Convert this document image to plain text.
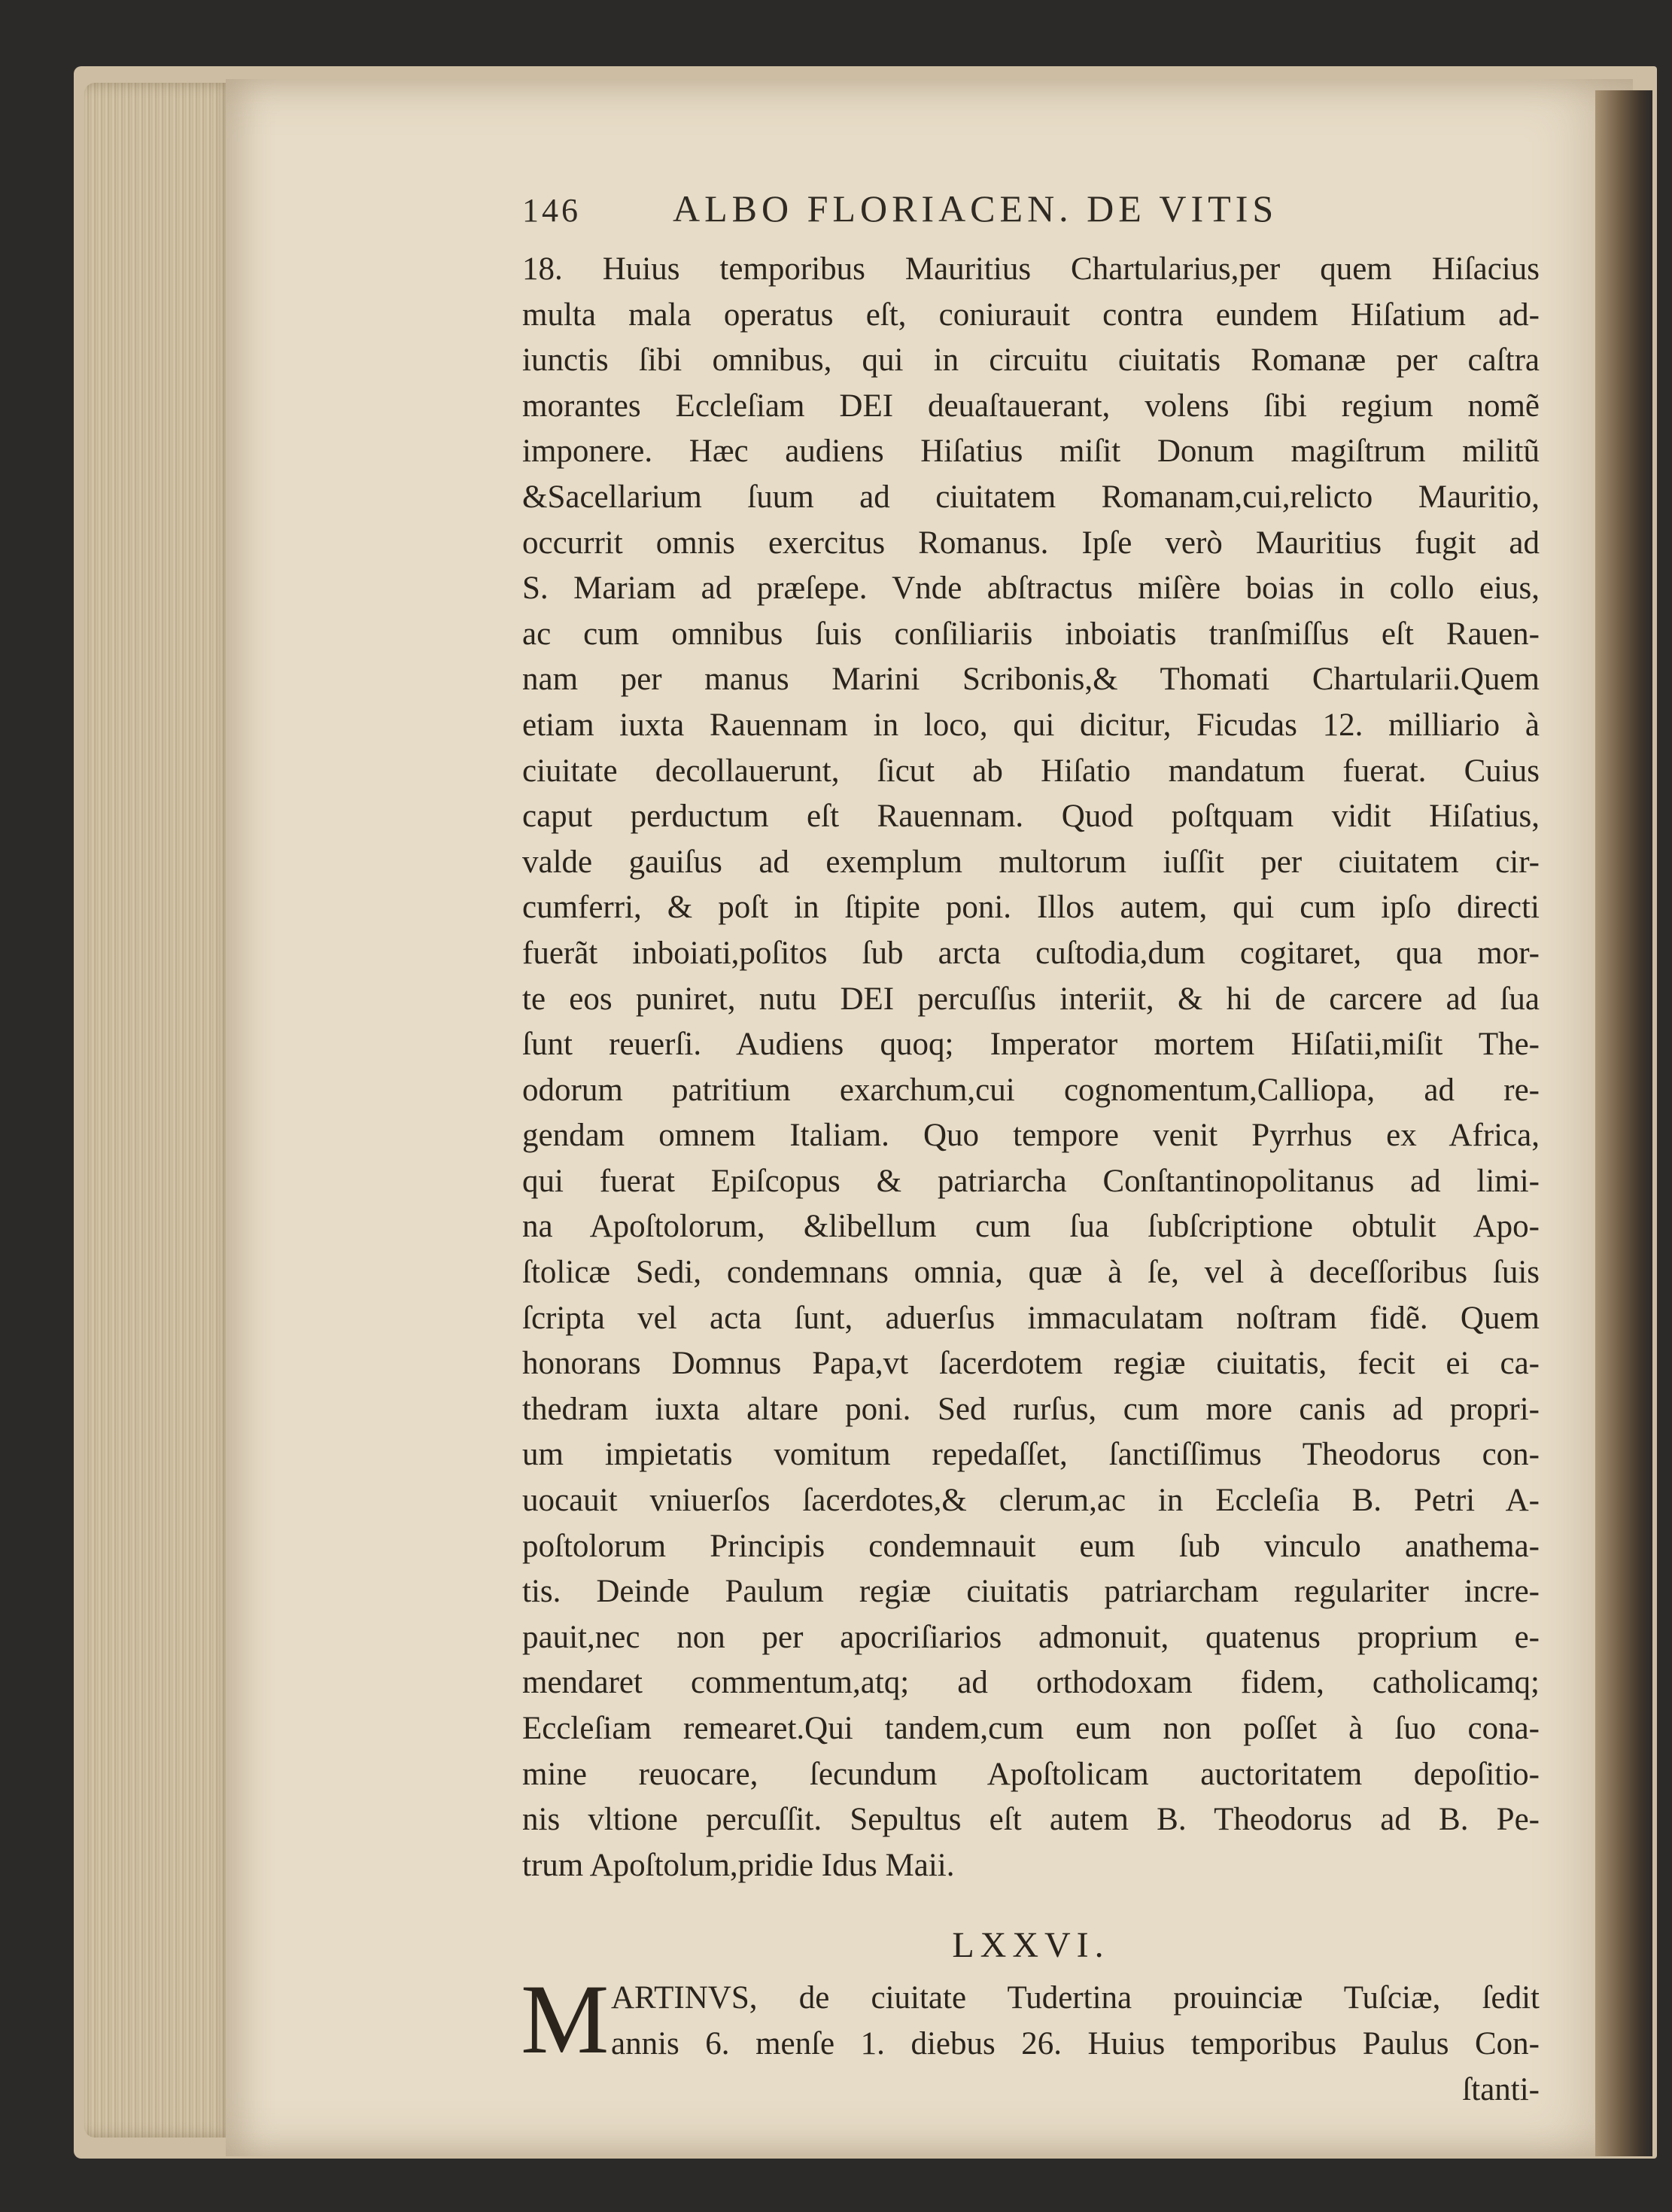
146	ALBO FLORIACEN. DE VITIS
18. Huius temporibus Mauritius Chartularius,per quem Hiſacius
multa mala operatus eſt, coniurauit contra eundem Hiſatium ad-
iunctis ſibi omnibus, qui in circuitu ciuitatis Romanæ per caſtra
morantes Eccleſiam DEI deuaſtauerant, volens ſibi regium nomẽ
imponere. Hæc audiens Hiſatius miſit Donum magiſtrum militũ
&Sacellarium ſuum ad ciuitatem Romanam,cui,relicto Mauritio,
occurrit omnis exercitus Romanus. Ipſe verò Mauritius fugit ad
S. Mariam ad præſepe. Vnde abſtractus miſère boias in collo eius,
ac cum omnibus ſuis conſiliariis inboiatis tranſmiſſus eſt Rauen-
nam per manus Marini Scribonis,& Thomati Chartularii.Quem
etiam iuxta Rauennam in loco, qui dicitur, Ficudas 12. milliario à
ciuitate decollauerunt, ſicut ab Hiſatio mandatum fuerat. Cuius
caput perductum eſt Rauennam. Quod poſtquam vidit Hiſatius,
valde gauiſus ad exemplum multorum iuſſit per ciuitatem cir-
cumferri, & poſt in ſtipite poni. Illos autem, qui cum ipſo directi
fuerãt inboiati,poſitos ſub arcta cuſtodia,dum cogitaret, qua mor-
te eos puniret, nutu DEI percuſſus interiit, & hi de carcere ad ſua
ſunt reuerſi. Audiens quoq; Imperator mortem Hiſatii,miſit The-
odorum patritium exarchum,cui cognomentum,Calliopa, ad re-
gendam omnem Italiam. Quo tempore venit Pyrrhus ex Africa,
qui fuerat Epiſcopus & patriarcha Conſtantinopolitanus ad limi-
na Apoſtolorum, &libellum cum ſua ſubſcriptione obtulit Apo-
ſtolicæ Sedi, condemnans omnia, quæ à ſe, vel à deceſſoribus ſuis
ſcripta vel acta ſunt, aduerſus immaculatam noſtram fidẽ. Quem
honorans Domnus Papa,vt ſacerdotem regiæ ciuitatis, fecit ei ca-
thedram iuxta altare poni. Sed rurſus, cum more canis ad propri-
um impietatis vomitum repedaſſet, ſanctiſſimus Theodorus con-
uocauit vniuerſos ſacerdotes,& clerum,ac in Eccleſia B. Petri A-
poſtolorum Principis condemnauit eum ſub vinculo anathema-
tis. Deinde Paulum regiæ ciuitatis patriarcham regulariter incre-
pauit,nec non per apocriſiarios admonuit, quatenus proprium e-
mendaret commentum,atq; ad orthodoxam fidem, catholicamq;
Eccleſiam remearet.Qui tandem,cum eum non poſſet à ſuo cona-
mine reuocare, ſecundum Apoſtolicam auctoritatem depoſitio-
nis vltione percuſſit. Sepultus eſt autem B. Theodorus ad B. Pe-
trum Apoſtolum,pridie Idus Maii.
LXXVI.
M ARTINVS, de ciuitate Tudertina prouinciæ Tuſciæ, ſedit
annis 6. menſe 1. diebus 26. Huius temporibus Paulus Con-
ſtanti-
